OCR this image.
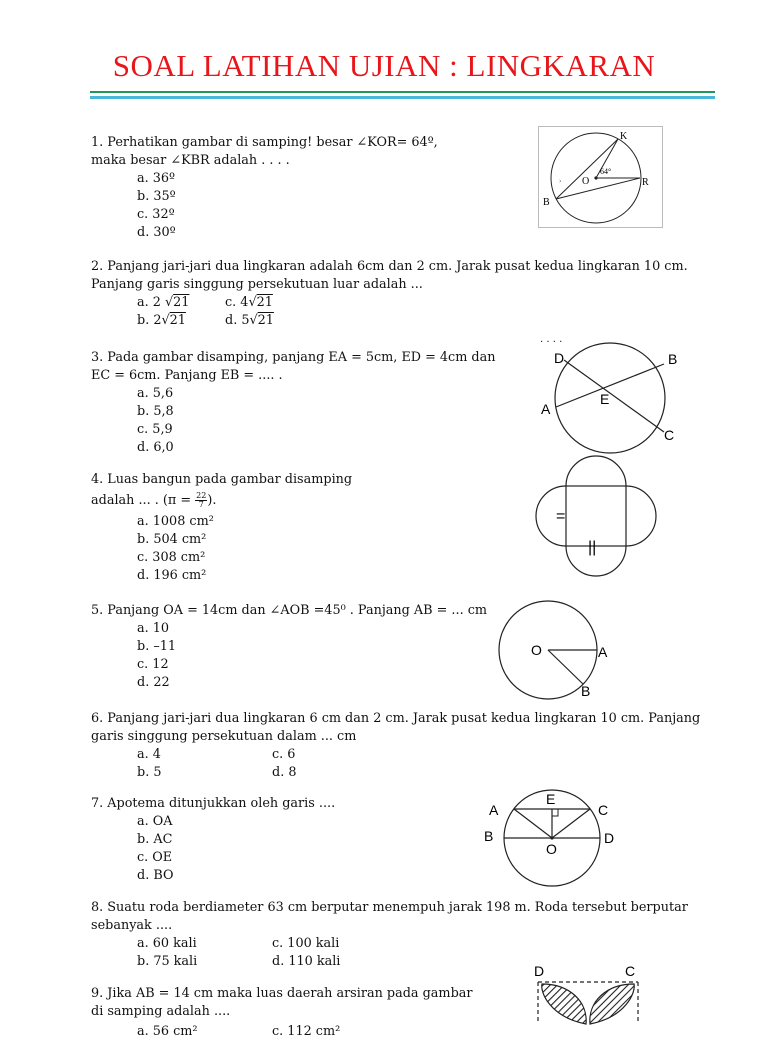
SOAL LATIHAN UJIAN : LINGKARAN
1. Perhatikan gambar di samping! besar ∠KOR= 64º,
maka besar ∠KBR adalah . . . .
a. 36º
b. 35º
c. 32º
d. 30º
K
O	R
B
64°
›
2. Panjang jari-jari dua lingkaran adalah 6cm dan 2 cm. Jarak pusat kedua lingkaran 10 cm.
Panjang garis singgung persekutuan luar adalah ...
a. 2 √21	c. 4√21
b. 2√21	d. 5√21
. . . .
3. Pada gambar disamping, panjang EA = 5cm, ED = 4cm dan
EC = 6cm. Panjang EB = .... .
a. 5,6
b. 5,8
c. 5,9
d. 6,0
D	B
E
A
C
4. Luas bangun pada gambar disamping
adalah ... . ($\pi = \frac{22}{7}$ ).
a. 1008 cm²
b. 504 cm²
c. 308 cm²
d. 196 cm²
=
||
5. Panjang OA = 14cm dan ∠AOB =45⁰ . Panjang AB = ... cm
a. 10
b. –11
c. 12
d. 22
O	A
B
6. Panjang jari-jari dua lingkaran 6 cm dan 2 cm. Jarak pusat kedua lingkaran 10 cm. Panjang
garis singgung persekutuan dalam ... cm
a. 4	c. 6
b. 5	d. 8
7. Apotema ditunjukkan oleh garis ....
a. OA
b. AC
c. OE
d. BO
A
E
C
B	D
O
8. Suatu roda berdiameter 63 cm berputar menempuh jarak 198 m. Roda tersebut berputar
sebanyak ....
a. 60 kali	c. 100 kali
b. 75 kali	d. 110 kali
9. Jika AB = 14 cm maka luas daerah arsiran pada gambar
di samping adalah ....
a. 56 cm²	c. 112 cm²
D	C
